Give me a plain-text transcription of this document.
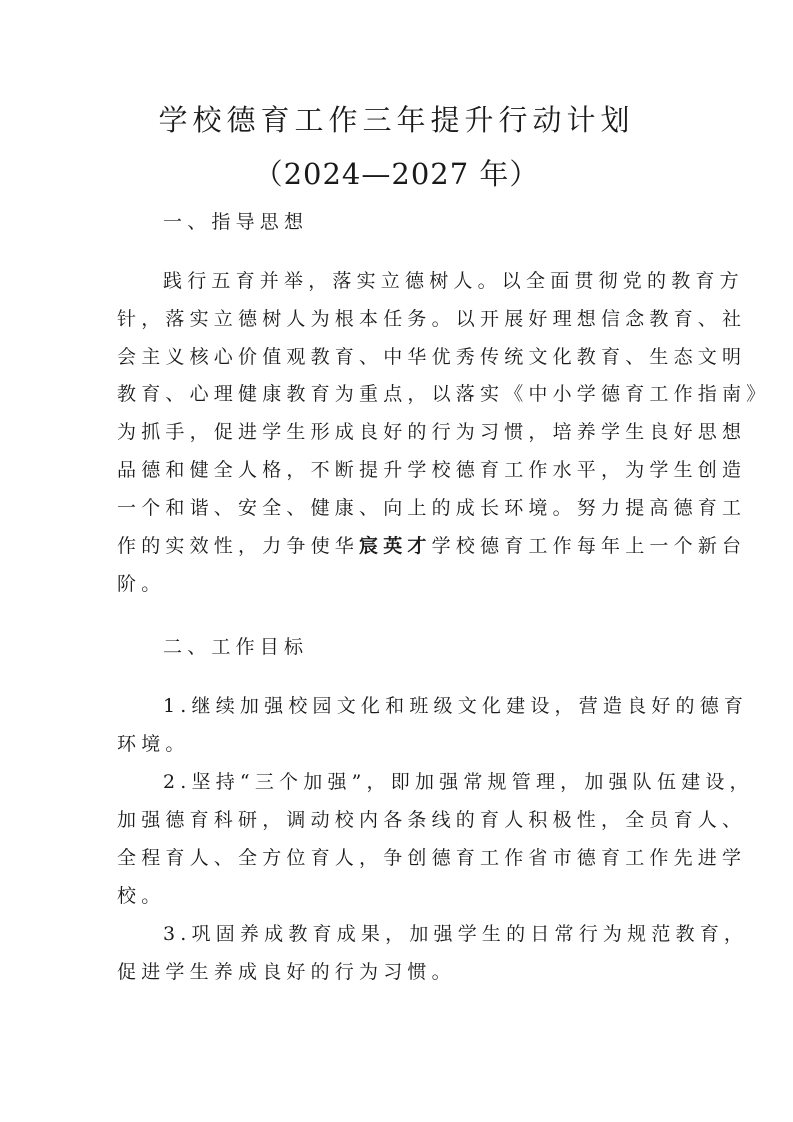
学校德育工作三年提升行动计划
（2024—2027 年）
一、指导思想
践行五育并举，落实立德树人。以全面贯彻党的教育方
针，落实立德树人为根本任务。以开展好理想信念教育、社
会主义核心价值观教育、中华优秀传统文化教育、生态文明
教育、心理健康教育为重点，以落实《中小学德育工作指南》
为抓手，促进学生形成良好的行为习惯，培养学生良好思想
品德和健全人格，不断提升学校德育工作水平，为学生创造
一个和谐、安全、健康、向上的成长环境。努力提高德育工
作的实效性，力争使华宸英才学校德育工作每年上一个新台
阶。
二、工作目标
1.继续加强校园文化和班级文化建设，营造良好的德育
环境。
2.坚持“三个加强”，即加强常规管理，加强队伍建设，
加强德育科研，调动校内各条线的育人积极性，全员育人、
全程育人、全方位育人，争创德育工作省市德育工作先进学
校。
3.巩固养成教育成果，加强学生的日常行为规范教育，
促进学生养成良好的行为习惯。
